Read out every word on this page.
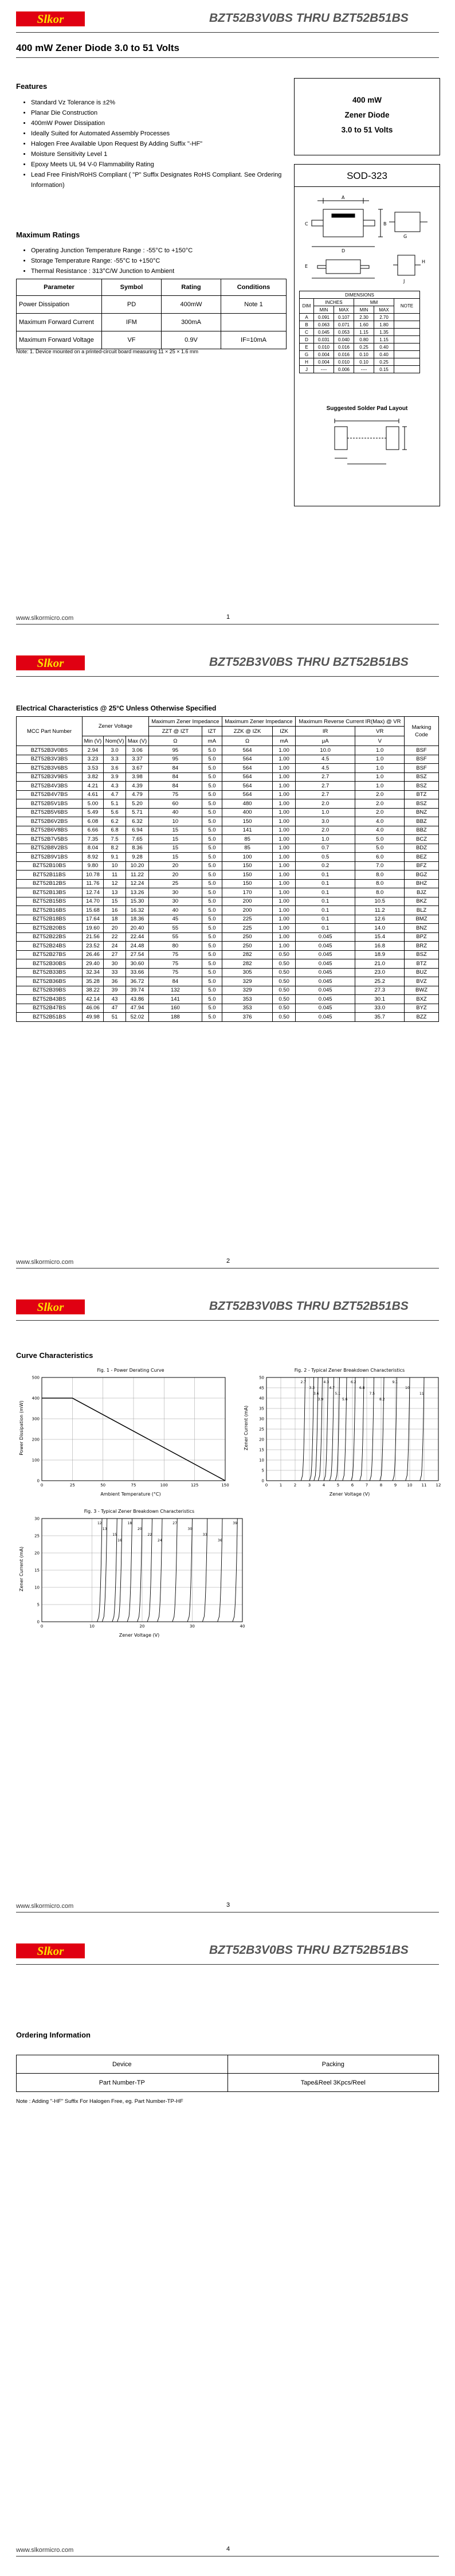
Slkor	BZT52B3V0BS THRU BZT52B51BS
400 mW Zener Diode 3.0 to 51 Volts
Features
• Standard Vz Tolerance is ±2%
• Planar Die Construction
• 400mW Power Dissipation
• Ideally Suited for Automated Assembly Processes
• Halogen Free Available Upon Request By Adding Suffix "-HF"
• Moisture Sensitivity Level 1
• Epoxy Meets UL 94 V-0 Flammability Rating
• Lead Free Finish/RoHS Compliant ( "P" Suffix Designates RoHS Compliant. See Ordering Information)
400 mW
Zener Diode
3.0 to 51 Volts
SOD-323
A
B
C
D
E
G
H
J
DIMENSIONS					
DIM	INCHES		MM		NOTE
	MIN	MAX	MIN	MAX	
A	0.091	0.107	2.30	2.70	
B	0.063	0.071	1.60	1.80	
C	0.045	0.053	1.15	1.35	
D	0.031	0.040	0.80	1.15	
E	0.010	0.016	0.25	0.40	
G	0.004	0.016	0.10	0.40	
H	0.004	0.010	0.10	0.25	
J	----	0.006	----	0.15	
Suggested Solder Pad Layout
Maximum Ratings
• Operating Junction Temperature Range : -55°C to +150°C
• Storage Temperature Range: -55°C to +150°C
• Thermal Resistance : 313°C/W Junction to Ambient
Parameter	Symbol	Rating	Conditions
Power Dissipation	PD	400mW	Note 1
Maximum Forward Current	IFM	300mA	
Maximum Forward Voltage	VF	0.9V	IF=10mA
Note: 1. Device mounted on a printed-circuit board measuring 11 × 25 × 1.6 mm
www.slkormicro.com	1
Slkor	BZT52B3V0BS THRU BZT52B51BS
Electrical Characteristics @ 25°C Unless Otherwise Specified
MCC Part Number	Zener Voltage			Maximum Zener Impedance		Maximum Zener Impedance		Maximum Reverse Current IR(Max) @ VR		Marking Code
				ZZT @ IZT	IZT	ZZK @ IZK	IZK	IR	VR	
	Min (V)	Nom(V)	Max (V)	Ω	mA	Ω	mA	μA	V	
BZT52B3V0BS	2.94	3.0	3.06	95	5.0	564	1.00	10.0	1.0	BSF
BZT52B3V3BS	3.23	3.3	3.37	95	5.0	564	1.00	4.5	1.0	BSF
BZT52B3V6BS	3.53	3.6	3.67	84	5.0	564	1.00	4.5	1.0	BSF
BZT52B3V9BS	3.82	3.9	3.98	84	5.0	564	1.00	2.7	1.0	BSZ
BZT52B4V3BS	4.21	4.3	4.39	84	5.0	564	1.00	2.7	1.0	BSZ
BZT52B4V7BS	4.61	4.7	4.79	75	5.0	564	1.00	2.7	2.0	BTZ
BZT52B5V1BS	5.00	5.1	5.20	60	5.0	480	1.00	2.0	2.0	BSZ
BZT52B5V6BS	5.49	5.6	5.71	40	5.0	400	1.00	1.0	2.0	BNZ
BZT52B6V2BS	6.08	6.2	6.32	10	5.0	150	1.00	3.0	4.0	BBZ
BZT52B6V8BS	6.66	6.8	6.94	15	5.0	141	1.00	2.0	4.0	BBZ
BZT52B7V5BS	7.35	7.5	7.65	15	5.0	85	1.00	1.0	5.0	BCZ
BZT52B8V2BS	8.04	8.2	8.36	15	5.0	85	1.00	0.7	5.0	BDZ
BZT52B9V1BS	8.92	9.1	9.28	15	5.0	100	1.00	0.5	6.0	BEZ
BZT52B10BS	9.80	10	10.20	20	5.0	150	1.00	0.2	7.0	BFZ
BZT52B11BS	10.78	11	11.22	20	5.0	150	1.00	0.1	8.0	BGZ
BZT52B12BS	11.76	12	12.24	25	5.0	150	1.00	0.1	8.0	BHZ
BZT52B13BS	12.74	13	13.26	30	5.0	170	1.00	0.1	8.0	BJZ
BZT52B15BS	14.70	15	15.30	30	5.0	200	1.00	0.1	10.5	BKZ
BZT52B16BS	15.68	16	16.32	40	5.0	200	1.00	0.1	11.2	BLZ
BZT52B18BS	17.64	18	18.36	45	5.0	225	1.00	0.1	12.6	BMZ
BZT52B20BS	19.60	20	20.40	55	5.0	225	1.00	0.1	14.0	BNZ
BZT52B22BS	21.56	22	22.44	55	5.0	250	1.00	0.045	15.4	BPZ
BZT52B24BS	23.52	24	24.48	80	5.0	250	1.00	0.045	16.8	BRZ
BZT52B27BS	26.46	27	27.54	75	5.0	282	0.50	0.045	18.9	BSZ
BZT52B30BS	29.40	30	30.60	75	5.0	282	0.50	0.045	21.0	BTZ
BZT52B33BS	32.34	33	33.66	75	5.0	305	0.50	0.045	23.0	BUZ
BZT52B36BS	35.28	36	36.72	84	5.0	329	0.50	0.045	25.2	BVZ
BZT52B39BS	38.22	39	39.74	132	5.0	329	0.50	0.045	27.3	BWZ
BZT52B43BS	42.14	43	43.86	141	5.0	353	0.50	0.045	30.1	BXZ
BZT52B47BS	46.06	47	47.94	160	5.0	353	0.50	0.045	33.0	BYZ
BZT52B51BS	49.98	51	52.02	188	5.0	376	0.50	0.045	35.7	BZZ
www.slkormicro.com	2
Slkor	BZT52B3V0BS THRU BZT52B51BS
Curve Characteristics
Fig. 1 - Power Derating Curve
Ambient Temperature (°C)
Power Dissipation (mW)
0	25	50	75	100	125	150
0
100
200
300
400
500
Fig. 2 - Typical Zener Breakdown Characteristics
Zener Voltage (V)
Zener Current (mA)
0	1	2	3	4	5	6	7	8	9	10 11 12
0
5
10
15
20
25
30
35
40
45
50
2.7
3.3
3.6
3.9
4.3
4.7
5.1
5.6
6.2
6.8
7.5
8.2
9.1
10
11
Fig. 3 - Typical Zener Breakdown Characteristics
Zener Voltage (V)
Zener Current (mA)
0	10	20	30	40
0
5
10
15
20
25
30
12
13
15
16
18
20
22
24
27
30
33
36
39
www.slkormicro.com	3
Slkor	BZT52B3V0BS THRU BZT52B51BS
Ordering Information
Device	Packing
Part Number-TP	Tape&Reel 3Kpcs/Reel
Note : Adding "-HF" Suffix For Halogen Free, eg. Part Number-TP-HF
www.slkormicro.com	4
